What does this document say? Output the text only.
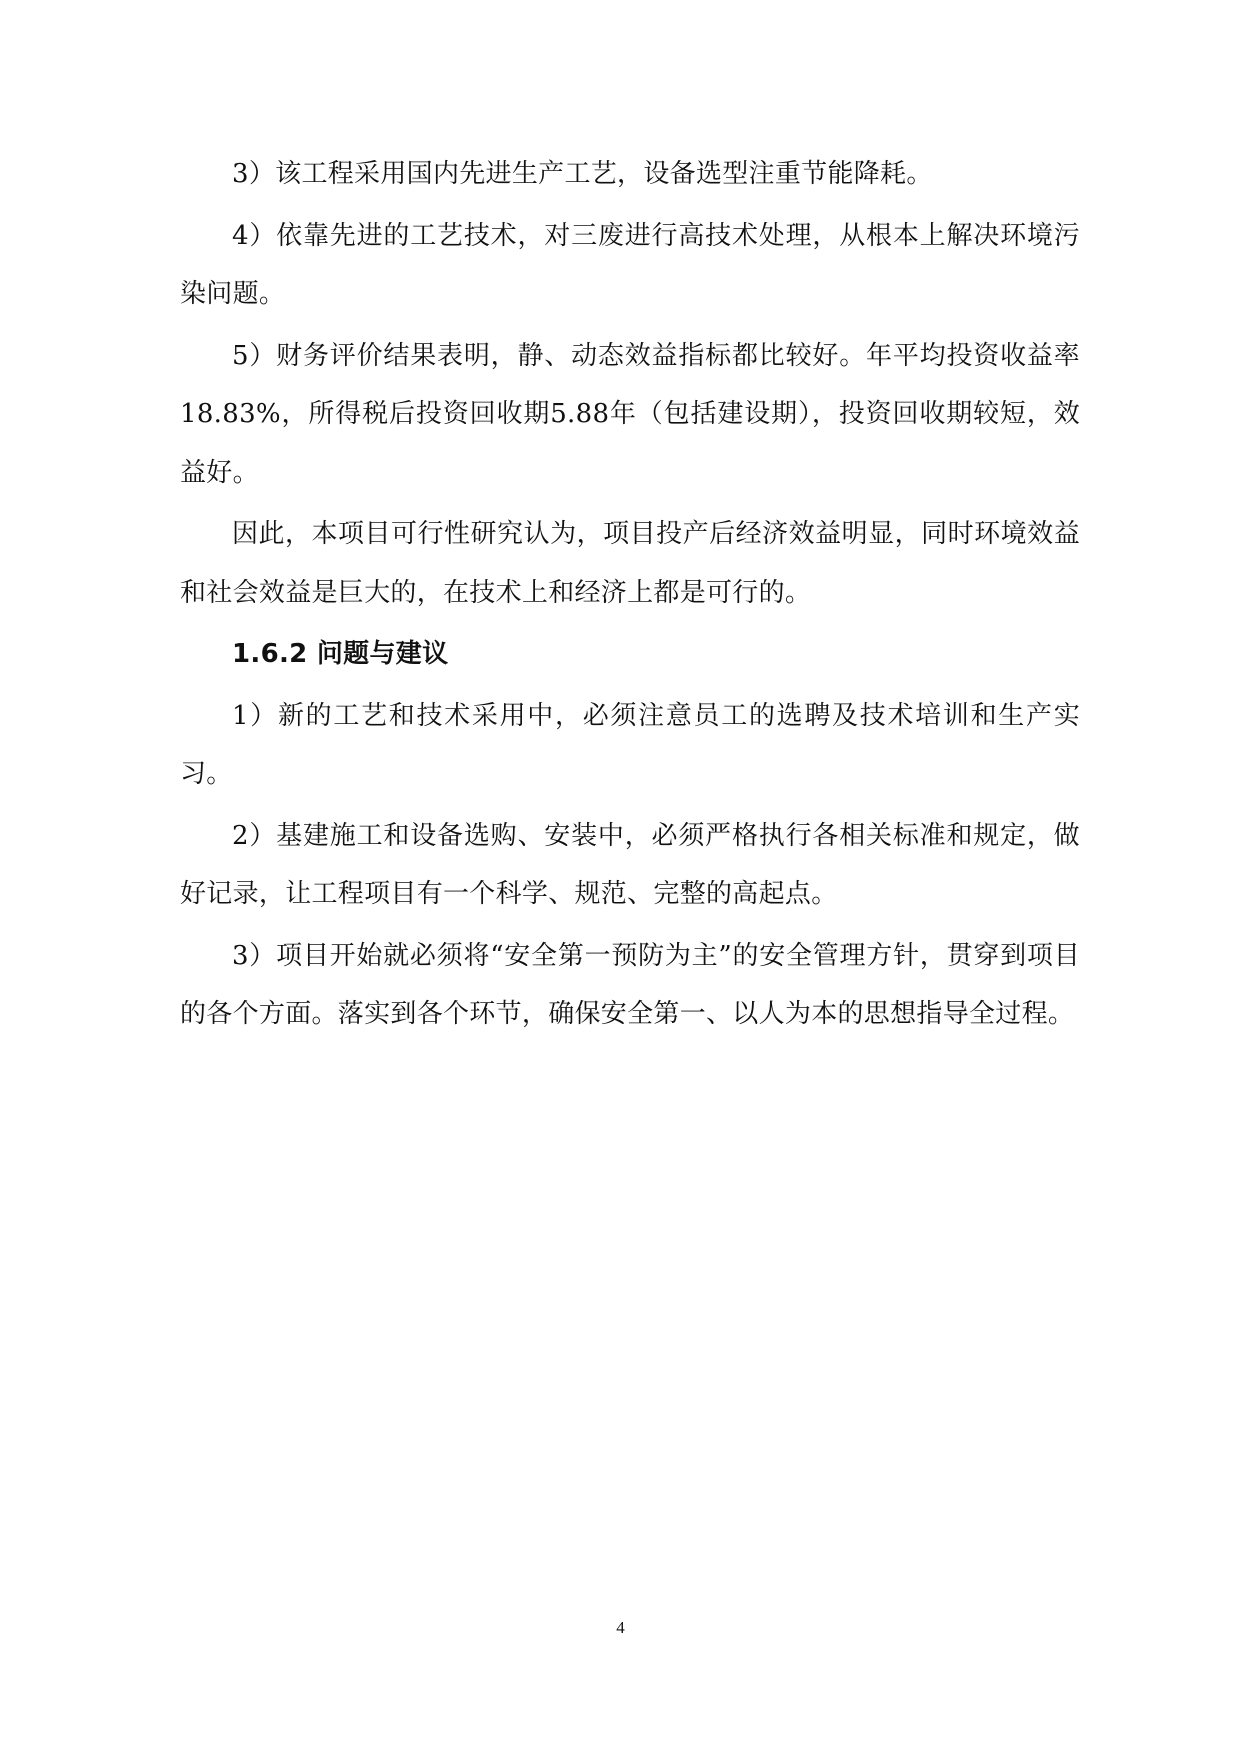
3）该工程采用国内先进生产工艺，设备选型注重节能降耗。

4）依靠先进的工艺技术，对三废进行高技术处理，从根本上解决环境污染问题。

5）财务评价结果表明，静、动态效益指标都比较好。年平均投资收益率18.83%，所得税后投资回收期5.88年（包括建设期），投资回收期较短，效益好。

因此，本项目可行性研究认为，项目投产后经济效益明显，同时环境效益和社会效益是巨大的，在技术上和经济上都是可行的。

1.6.2 问题与建议

1）新的工艺和技术采用中，必须注意员工的选聘及技术培训和生产实习。

2）基建施工和设备选购、安装中，必须严格执行各相关标准和规定，做好记录，让工程项目有一个科学、规范、完整的高起点。

3）项目开始就必须将“安全第一预防为主”的安全管理方针，贯穿到项目的各个方面。落实到各个环节，确保安全第一、以人为本的思想指导全过程。

4
